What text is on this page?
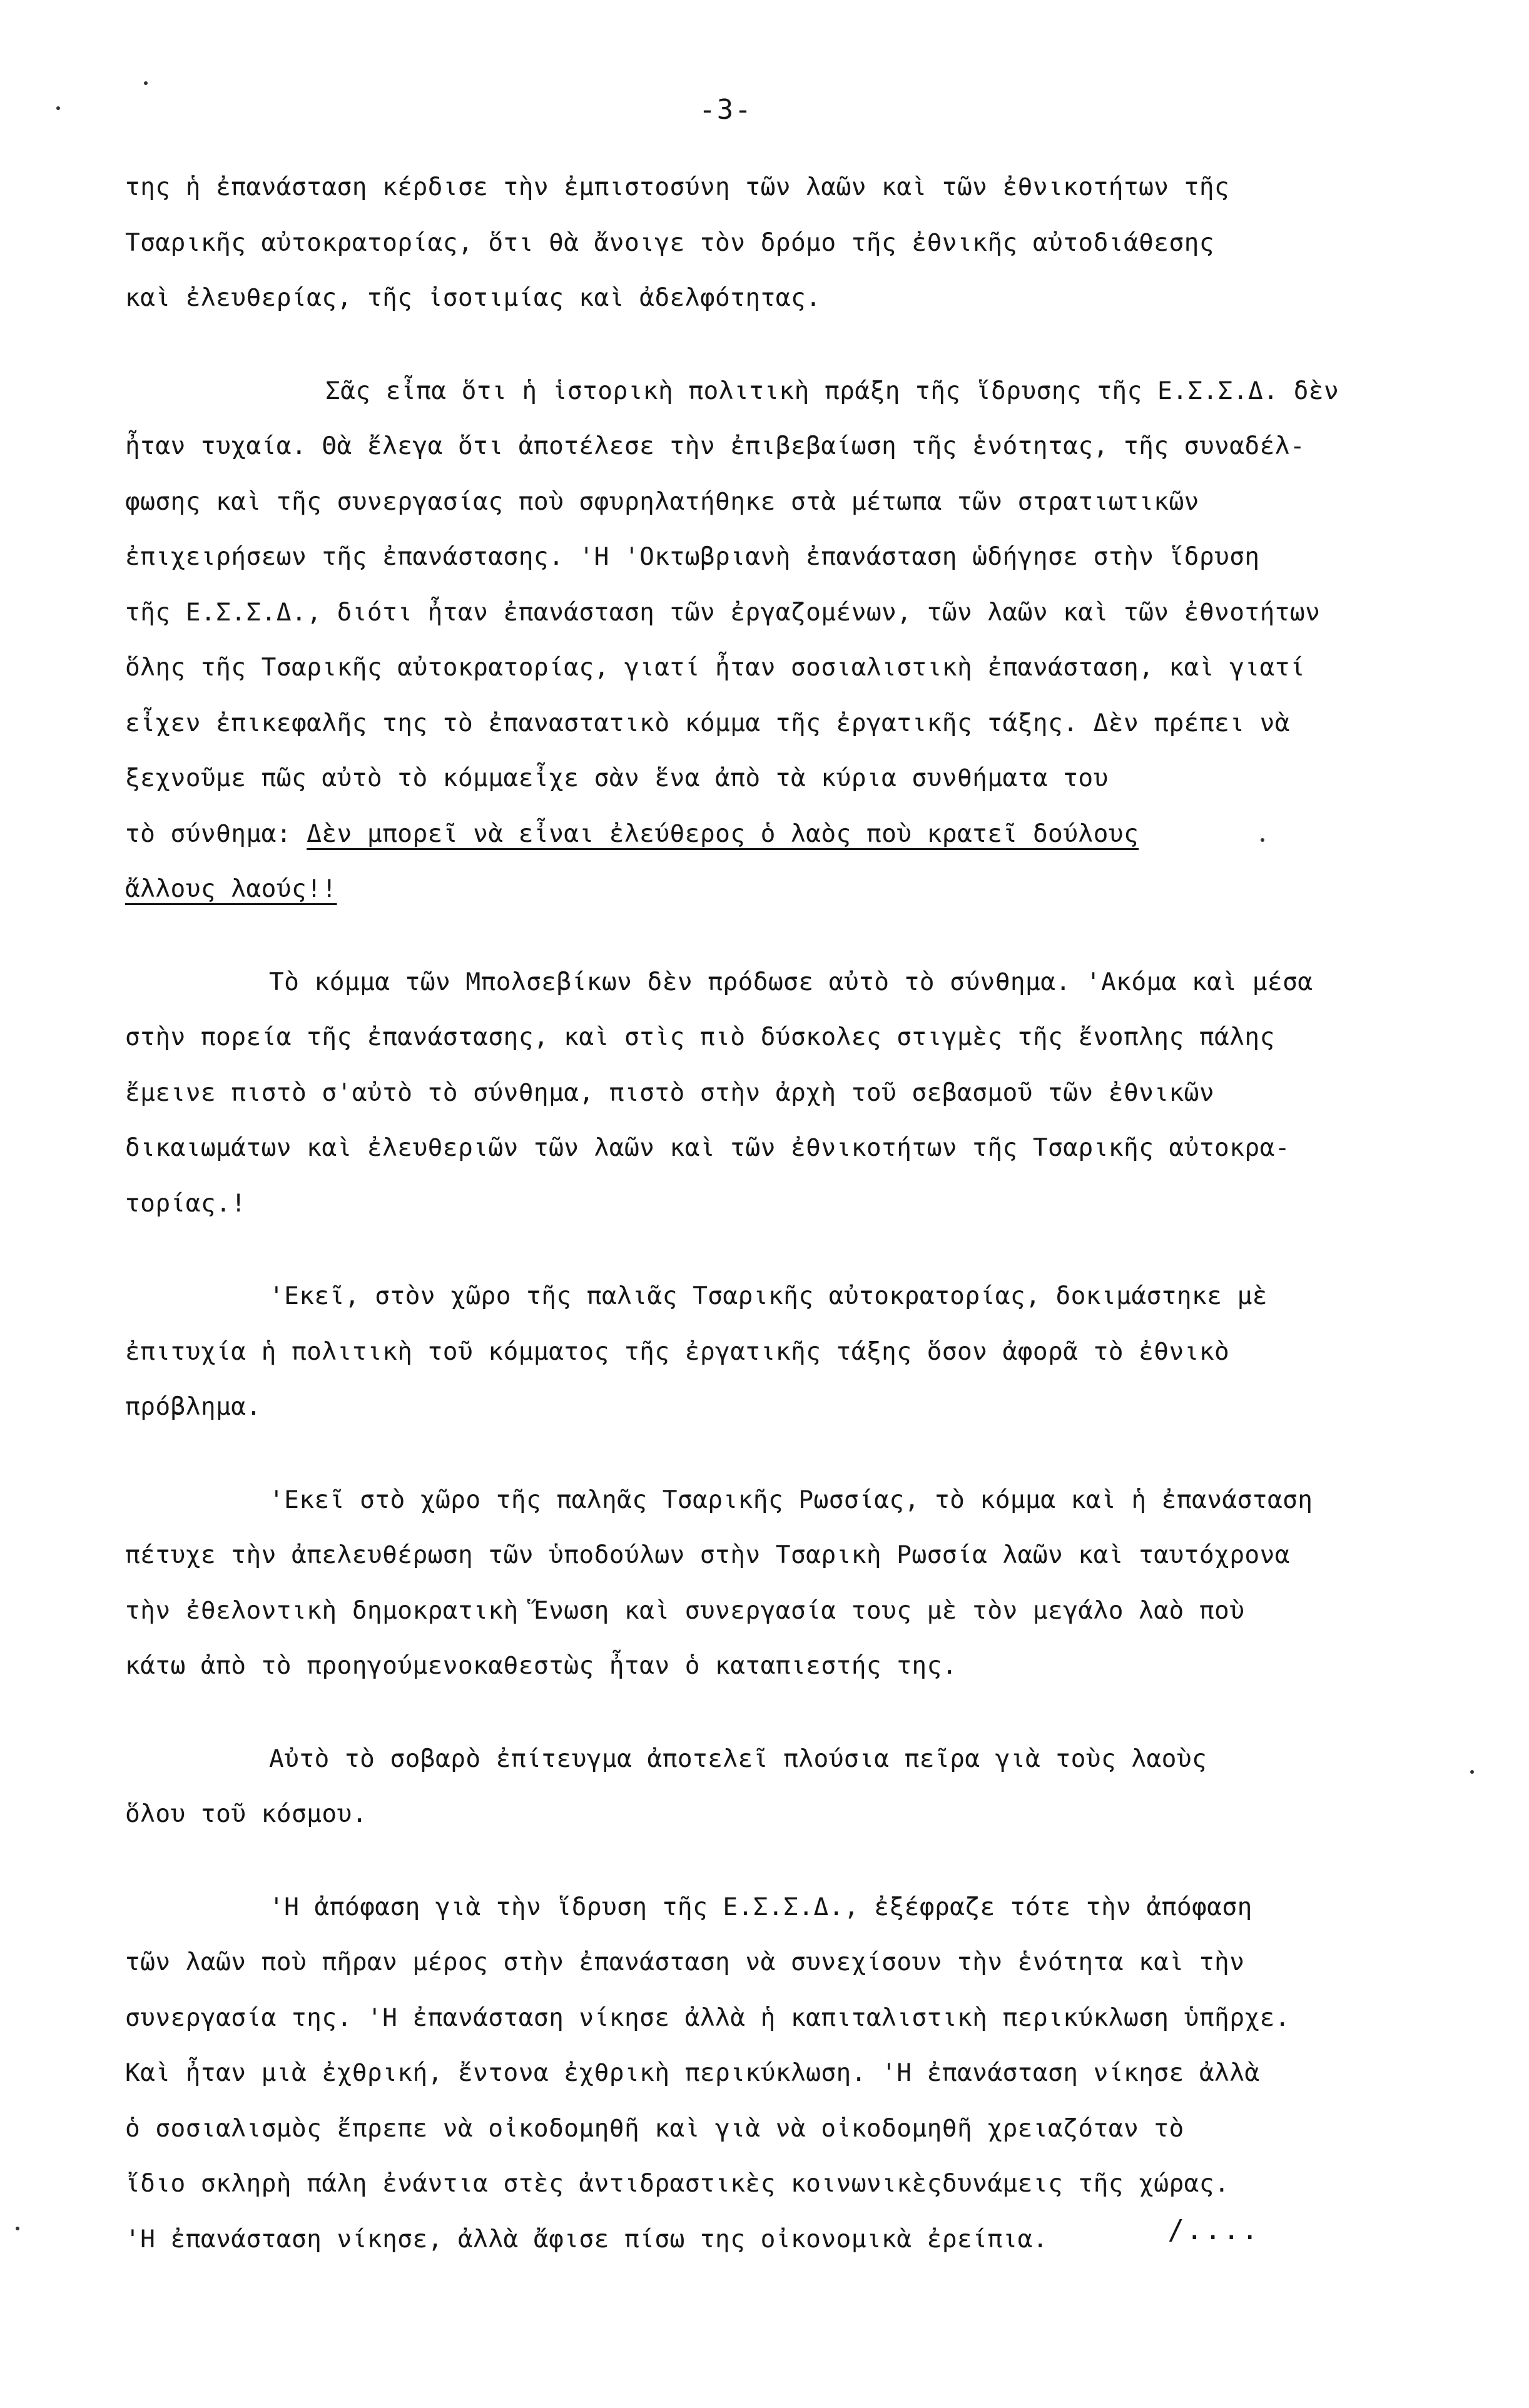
-3-
της ἡ ἐπανάσταση κέρδισε τὴν ἐμπιστοσύνη τῶν λαῶν καὶ τῶν ἐθνικοτήτων τῆς
Τσαρικῆς αὐτοκρατορίας, ὅτι θὰ ἄνοιγε τὸν δρόμο τῆς ἐθνικῆς αὐτοδιάθεσης
καὶ ἐλευθερίας, τῆς ἰσοτιμίας καὶ ἀδελφότητας.
Σᾶς εἶπα ὅτι ἡ ἱστορικὴ πολιτικὴ πράξη τῆς ἵδρυσης τῆς Ε.Σ.Σ.Δ. δὲν
ἦταν τυχαία. Θὰ ἔλεγα ὅτι ἀποτέλεσε τὴν ἐπιβεβαίωση τῆς ἑνότητας, τῆς συναδέλ-
φωσης καὶ τῆς συνεργασίας ποὺ σφυρηλατήθηκε στὰ μέτωπα τῶν στρατιωτικῶν
ἐπιχειρήσεων τῆς ἐπανάστασης. 'Η 'Οκτωβριανὴ ἐπανάσταση ὡδήγησε στὴν ἵδρυση
τῆς Ε.Σ.Σ.Δ., διότι ἦταν ἐπανάσταση τῶν ἐργαζομένων, τῶν λαῶν καὶ τῶν ἐθνοτήτων
ὅλης τῆς Τσαρικῆς αὐτοκρατορίας, γιατί ἦταν σοσιαλιστικὴ ἐπανάσταση, καὶ γιατί
εἶχεν ἐπικεφαλῆς της τὸ ἐπαναστατικὸ κόμμα τῆς ἐργατικῆς τάξης. Δὲν πρέπει νὰ
ξεχνοῦμε πῶς αὐτὸ τὸ κόμμαεἶχε σὰν ἕνα ἀπὸ τὰ κύρια συνθήματα του
τὸ σύνθημα: Δὲν μπορεῖ νὰ εἶναι ἐλεύθερος ὁ λαὸς ποὺ κρατεῖ δούλους
ἄλλους λαούς!!
Τὸ κόμμα τῶν Μπολσεβίκων δὲν πρόδωσε αὐτὸ τὸ σύνθημα. 'Ακόμα καὶ μέσα
στὴν πορεία τῆς ἐπανάστασης, καὶ στὶς πιὸ δύσκολες στιγμὲς τῆς ἔνοπλης πάλης
ἔμεινε πιστὸ σ'αὐτὸ τὸ σύνθημα, πιστὸ στὴν ἀρχὴ τοῦ σεβασμοῦ τῶν ἐθνικῶν
δικαιωμάτων καὶ ἐλευθεριῶν τῶν λαῶν καὶ τῶν ἐθνικοτήτων τῆς Τσαρικῆς αὐτοκρα-
τορίας.!
'Εκεῖ, στὸν χῶρο τῆς παλιᾶς Τσαρικῆς αὐτοκρατορίας, δοκιμάστηκε μὲ
ἐπιτυχία ἡ πολιτικὴ τοῦ κόμματος τῆς ἐργατικῆς τάξης ὅσον ἀφορᾶ τὸ ἐθνικὸ
πρόβλημα.
'Εκεῖ στὸ χῶρο τῆς παληᾶς Τσαρικῆς Ρωσσίας, τὸ κόμμα καὶ ἡ ἐπανάσταση
πέτυχε τὴν ἀπελευθέρωση τῶν ὑποδούλων στὴν Τσαρικὴ Ρωσσία λαῶν καὶ ταυτόχρονα
τὴν ἐθελοντικὴ δημοκρατικὴ Ἕνωση καὶ συνεργασία τους μὲ τὸν μεγάλο λαὸ ποὺ
κάτω ἀπὸ τὸ προηγούμενοκαθεστὼς ἦταν ὁ καταπιεστής της.
Αὐτὸ τὸ σοβαρὸ ἐπίτευγμα ἀποτελεῖ πλούσια πεῖρα γιὰ τοὺς λαοὺς
ὅλου τοῦ κόσμου.
'Η ἀπόφαση γιὰ τὴν ἵδρυση τῆς Ε.Σ.Σ.Δ., ἐξέφραζε τότε τὴν ἀπόφαση
τῶν λαῶν ποὺ πῆραν μέρος στὴν ἐπανάσταση νὰ συνεχίσουν τὴν ἑνότητα καὶ τὴν
συνεργασία της. 'Η ἐπανάσταση νίκησε ἀλλὰ ἡ καπιταλιστικὴ περικύκλωση ὑπῆρχε.
Καὶ ἦταν μιὰ ἐχθρική, ἔντονα ἐχθρικὴ περικύκλωση. 'Η ἐπανάσταση νίκησε ἀλλὰ
ὁ σοσιαλισμὸς ἔπρεπε νὰ οἰκοδομηθῆ καὶ γιὰ νὰ οἰκοδομηθῆ χρειαζόταν τὸ
ἴδιο σκληρὴ πάλη ἐνάντια στὲς ἀντιδραστικὲς κοινωνικὲςδυνάμεις τῆς χώρας.
'Η ἐπανάσταση νίκησε, ἀλλὰ ἄφισε πίσω της οἰκονομικὰ ἐρείπια.	/....
